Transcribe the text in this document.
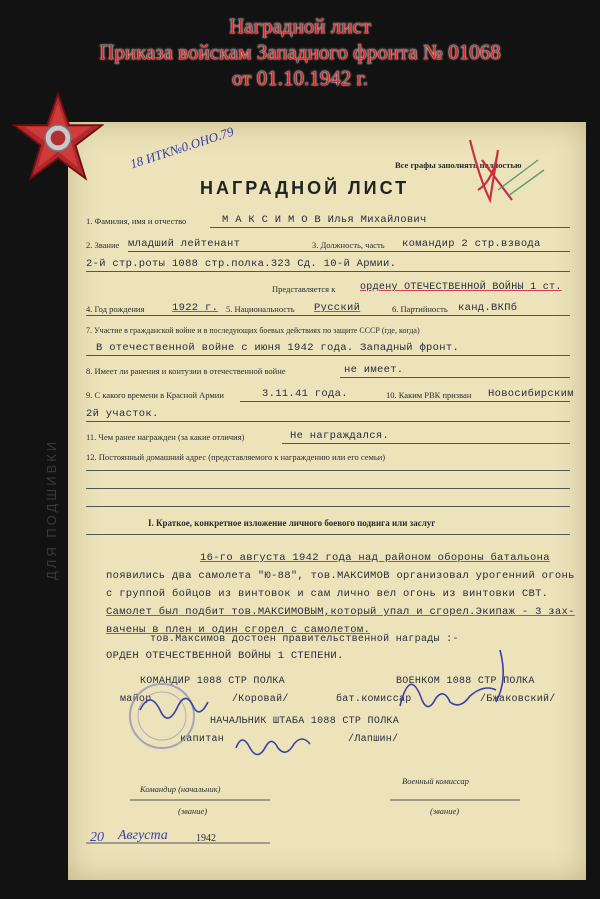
Наградной лист
Приказа войскам Западного фронта № 01068
от 01.10.1942 г.
ДЛЯ ПОДШИВКИ
Все графы заполнять полностью
18 ИТК№0.ОНО.79
НАГРАДНОЙ ЛИСТ
1. Фамилия, имя и отчество	М А К С И М О В Илья Михайлович
2. Звание младший лейтенант	3. Должность, часть командир 2 стр.взвода
2-й стр.роты 1088 стр.полка.323 Сд. 10-й Армии.
Представляется к ордену ОТЕЧЕСТВЕННОЙ ВОЙНЫ 1 ст.
4. Год рождения	1922 г. 5. Национальность Русский	6. Партийность канд.ВКПб
7. Участие в гражданской войне и в последующих боевых действиях по защите СССР (где, когда)
В отечественной войне с июня 1942 года. Западный фронт.
8. Имеет ли ранения и контузии в отечественной войне	не имеет.
9. С какого времени в Красной Армии	3.11.41 года.	10. Каким РВК призван Новосибирским
2й участок.
11. Чем ранее награжден (за какие отличия)	Не награждался.
12. Постоянный домашний адрес (представляемого к награждению или его семьи)
I. Краткое, конкретное изложение личного боевого подвига или заслуг
16-го августа 1942 года над районом обороны батальона
появились два самолета "Ю-88", тов.МАКСИМОВ организовал урогенний огонь
с группой бойцов из винтовок и сам лично вел огонь из винтовки СВТ.
Самолет был подбит тов.МАКСИМОВЫМ,который упал и сгорел.Экипаж - 3 зах-
вачены в плен и один сгорел с самолетом.
тов.Максимов достоен правительственной награды :-
ОРДЕН ОТЕЧЕСТВЕННОЙ ВОЙНЫ 1 СТЕПЕНИ.
КОМАНДИР 1088 СТР ПОЛКА
майор	/Коровай/
ВОЕНКОМ 1088 СТР ПОЛКА
бат.комиссар	/Бжаковский/
НАЧАЛЬНИК ШТАБА 1088 СТР ПОЛКА
капитан	/Лапшин/
Командир (начальник)
Военный комиссар
(звание)	(звание)
20 Августа	1942
